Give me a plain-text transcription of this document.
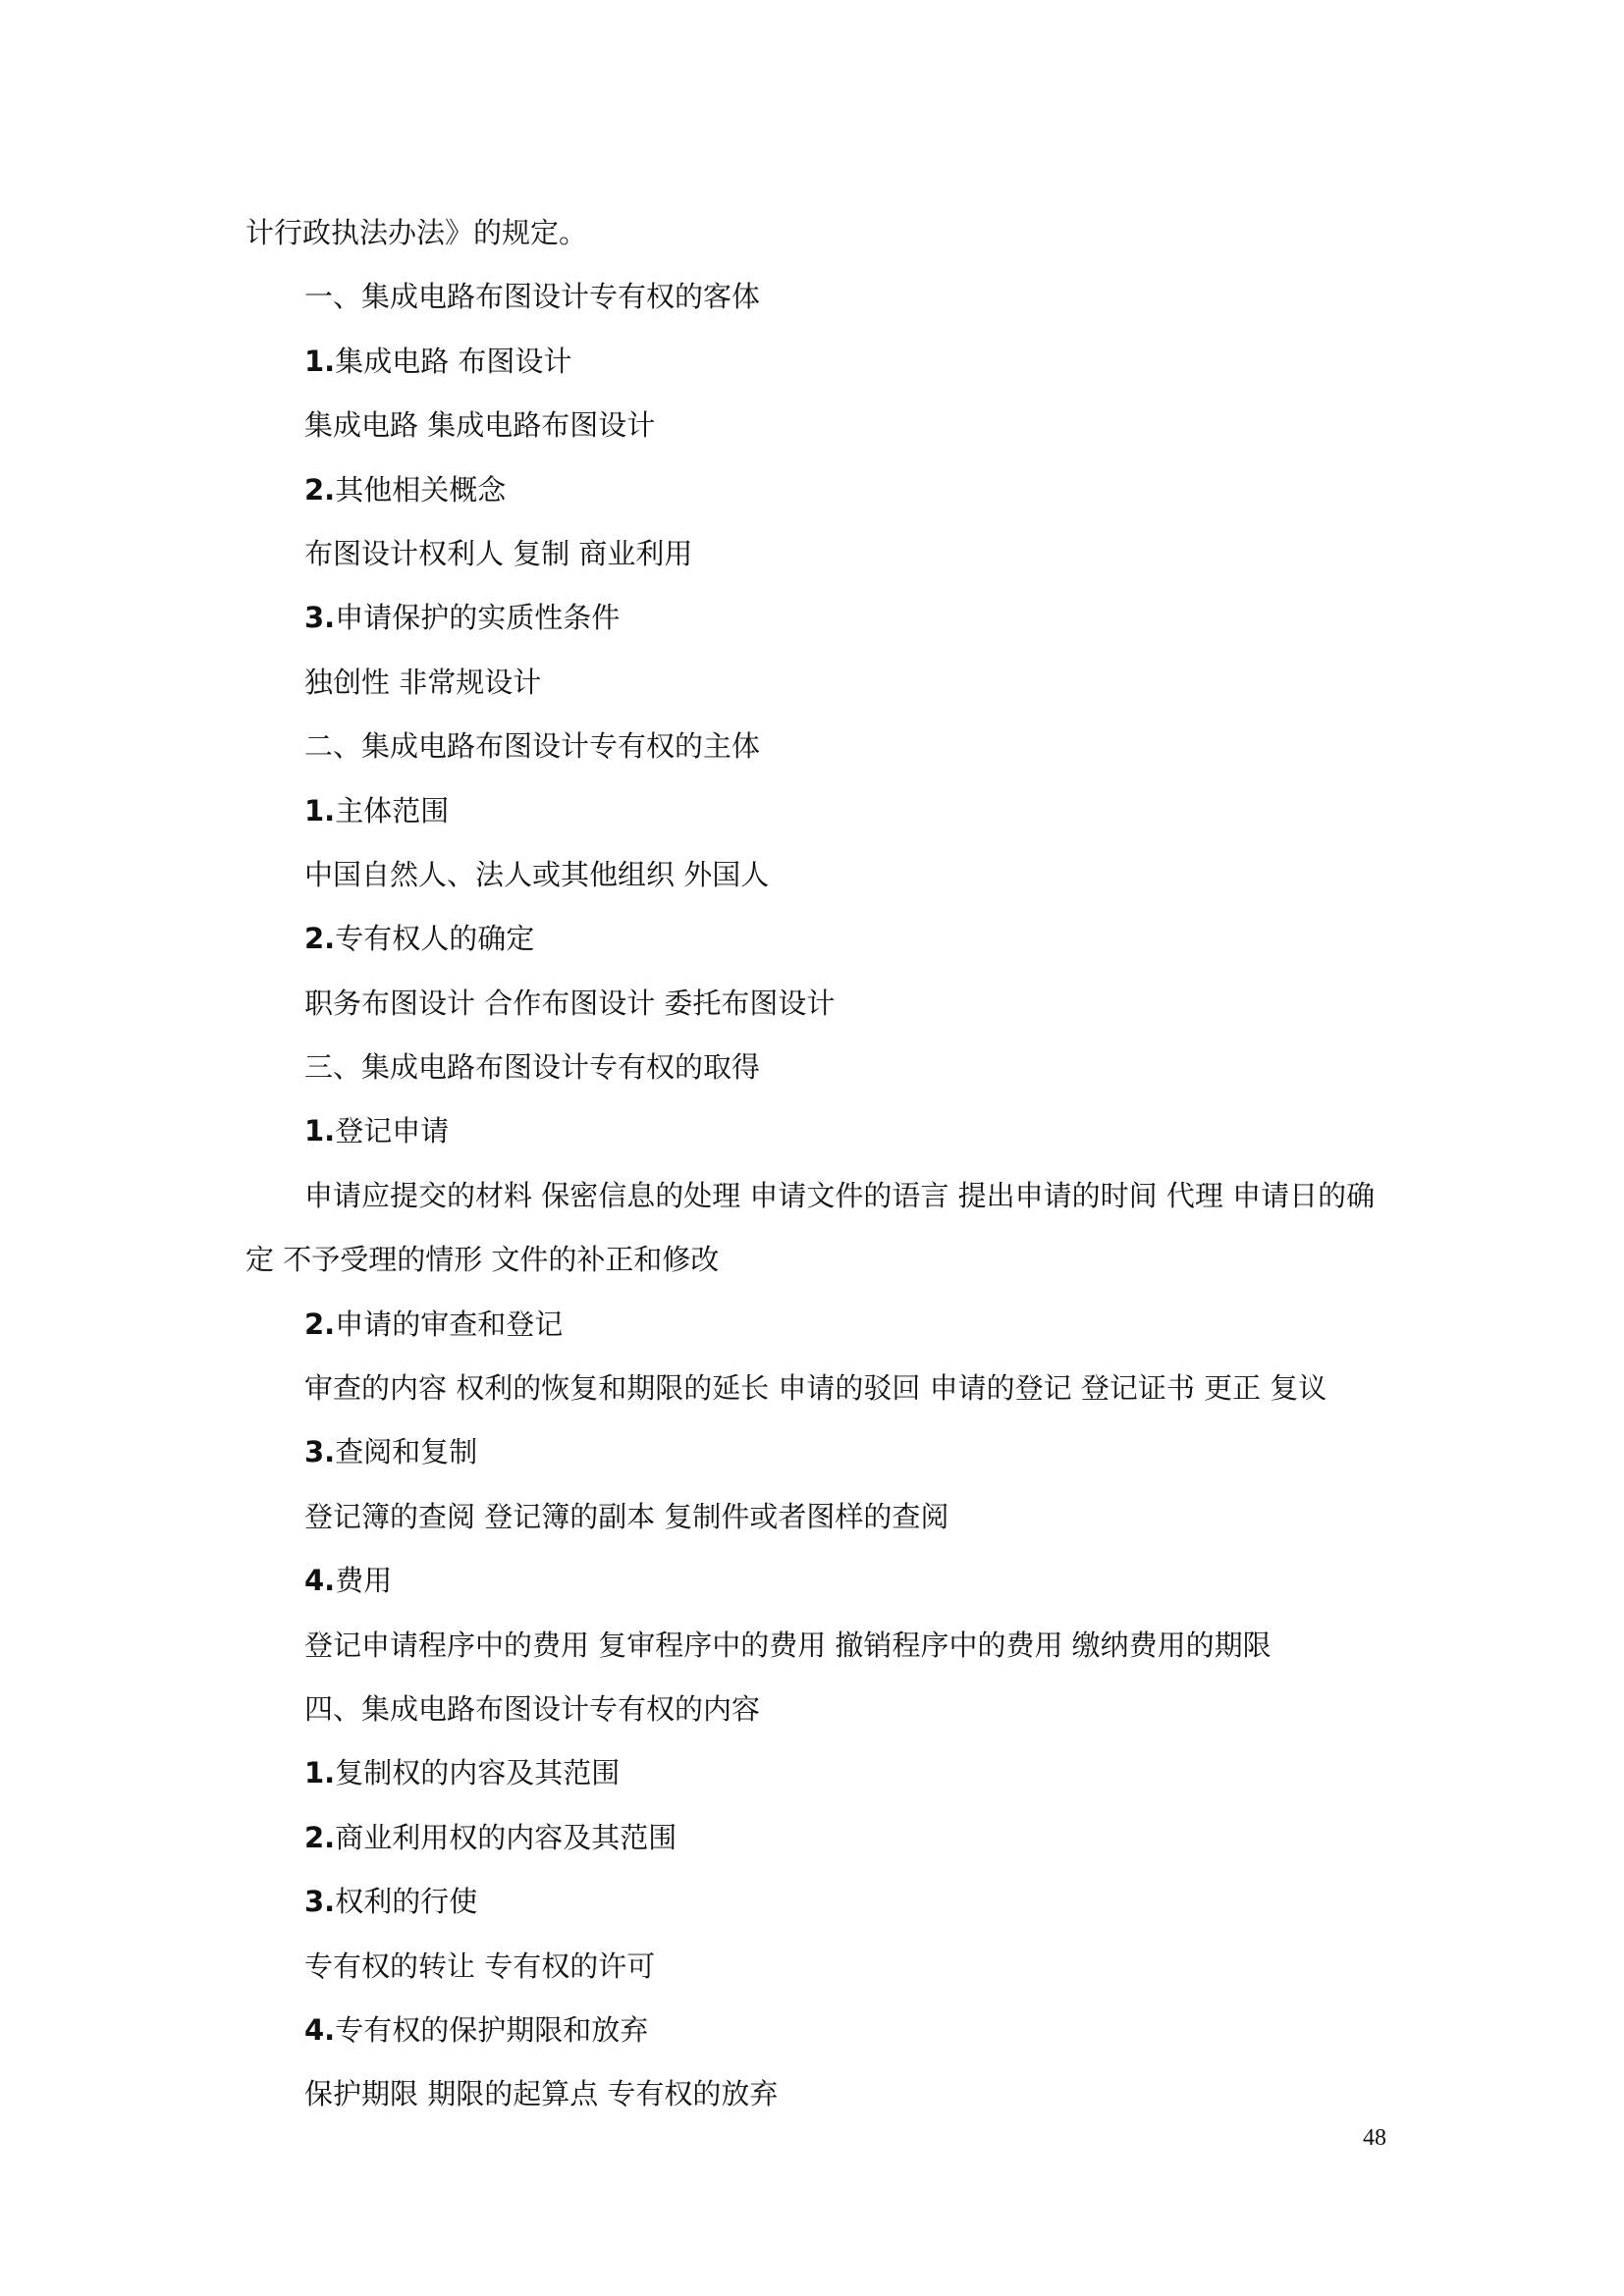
计行政执法办法》的规定。
一、集成电路布图设计专有权的客体
1.集成电路 布图设计
集成电路 集成电路布图设计
2.其他相关概念
布图设计权利人 复制 商业利用
3.申请保护的实质性条件
独创性 非常规设计
二、集成电路布图设计专有权的主体
1.主体范围
中国自然人、法人或其他组织 外国人
2.专有权人的确定
职务布图设计 合作布图设计 委托布图设计
三、集成电路布图设计专有权的取得
1.登记申请
申请应提交的材料 保密信息的处理 申请文件的语言 提出申请的时间 代理 申请日的确定 不予受理的情形 文件的补正和修改
2.申请的审查和登记
审查的内容 权利的恢复和期限的延长 申请的驳回 申请的登记 登记证书 更正 复议
3.查阅和复制
登记簿的查阅 登记簿的副本 复制件或者图样的查阅
4.费用
登记申请程序中的费用 复审程序中的费用 撤销程序中的费用 缴纳费用的期限
四、集成电路布图设计专有权的内容
1.复制权的内容及其范围
2.商业利用权的内容及其范围
3.权利的行使
专有权的转让 专有权的许可
4.专有权的保护期限和放弃
保护期限 期限的起算点 专有权的放弃
48
